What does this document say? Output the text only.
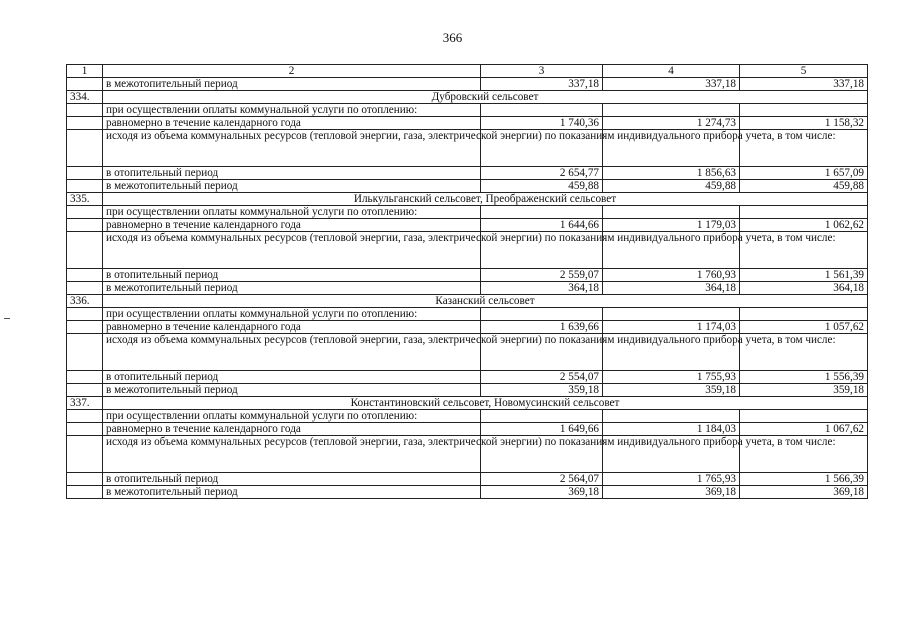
366
1	2	3	4	5
	в межотопительный период	337,18	337,18	337,18
334.	Дубровский сельсовет			
	при осуществлении оплаты коммунальной услуги по отоплению:			
	равномерно в течение календарного года	1 740,36	1 274,73	1 158,32
	исходя из объема коммунальных ресурсов (тепловой энергии, газа, электрической энергии) по показаниям индивидуального прибора учета, в том числе:			
	в отопительный период	2 654,77	1 856,63	1 657,09
	в межотопительный период	459,88	459,88	459,88
335.	Илькульганский сельсовет, Преображенский сельсовет			
	при осуществлении оплаты коммунальной услуги по отоплению:			
	равномерно в течение календарного года	1 644,66	1 179,03	1 062,62
	исходя из объема коммунальных ресурсов (тепловой энергии, газа, электрической энергии) по показаниям индивидуального прибора учета, в том числе:			
	в отопительный период	2 559,07	1 760,93	1 561,39
	в межотопительный период	364,18	364,18	364,18
336.	Казанский сельсовет			
	при осуществлении оплаты коммунальной услуги по отоплению:			
	равномерно в течение календарного года	1 639,66	1 174,03	1 057,62
	исходя из объема коммунальных ресурсов (тепловой энергии, газа, электрической энергии) по показаниям индивидуального прибора учета, в том числе:			
	в отопительный период	2 554,07	1 755,93	1 556,39
	в межотопительный период	359,18	359,18	359,18
337.	Константиновский сельсовет, Новомусинский сельсовет			
	при осуществлении оплаты коммунальной услуги по отоплению:			
	равномерно в течение календарного года	1 649,66	1 184,03	1 067,62
	исходя из объема коммунальных ресурсов (тепловой энергии, газа, электрической энергии) по показаниям индивидуального прибора учета, в том числе:			
	в отопительный период	2 564,07	1 765,93	1 566,39
	в межотопительный период	369,18	369,18	369,18
